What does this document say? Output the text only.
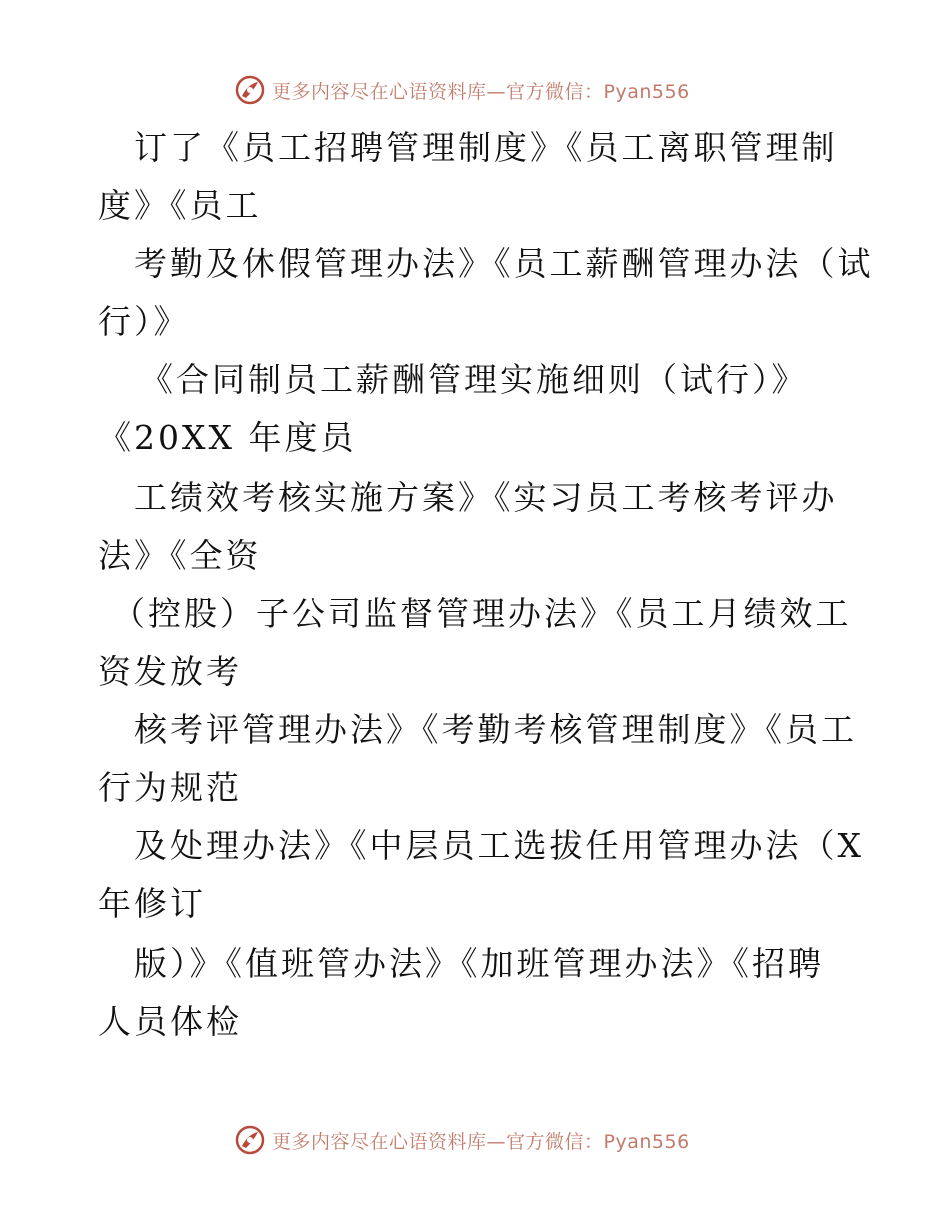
更多内容尽在心语资料库—官方微信：Pyan556
订了《员工招聘管理制度》《员工离职管理制
度》《员工
考勤及休假管理办法》《员工薪酬管理办法（试
行）》
《合同制员工薪酬管理实施细则（试行）》
《20XX 年度员
工绩效考核实施方案》《实习员工考核考评办
法》《全资
（控股）子公司监督管理办法》《员工月绩效工
资发放考
核考评管理办法》《考勤考核管理制度》《员工
行为规范
及处理办法》《中层员工选拔任用管理办法（X
年修订
版）》《值班管办法》《加班管理办法》《招聘
人员体检
更多内容尽在心语资料库—官方微信：Pyan556
